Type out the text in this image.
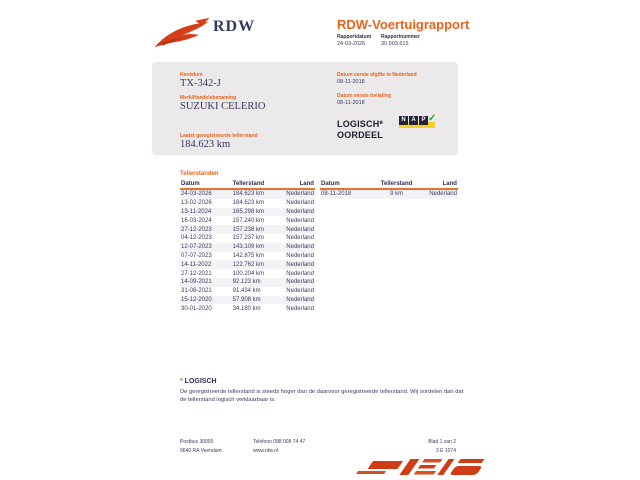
RDW	RDW-Voertuigrapport
Rapportdatum Rapportnummer
24-03-2026	30.903.615
Kenteken
TX-342-J
Merk/Handelsbenaming
SUZUKI CELERIO
Laatst geregistreerde tellerstand
184.623 km
Datum eerste afgifte in Nederland
08-11-2018
Datum eerste toelating
08-11-2018
LOGISCH*
OORDEEL
N A P ✓
Tellerstanden
Datum	Tellerstand	Land
24-03-2026	184.623 km	Nederland
13-02-2026	184.623 km	Nederland
13-11-2024	165.298 km	Nederland
16-03-2024	157.240 km	Nederland
27-12-2023	157.238 km	Nederland
04-12-2023	157.237 km	Nederland
12-07-2023	143.109 km	Nederland
07-07-2023	142.875 km	Nederland
14-11-2022	122.762 km	Nederland
27-12-2021	100.204 km	Nederland
14-09-2021	92.123 km	Nederland
31-08-2021	91.434 km	Nederland
15-12-2020	57.908 km	Nederland
30-01-2020	34.180 km	Nederland
Datum	Tellerstand	Land
08-11-2018	9 km	Nederland
* LOGISCH
De geregistreerde tellerstand is steeds hoger dan de daarvoor geregistreerde tellerstand. Wij oordelen dan dat de tellerstand logisch verklaarbaar is.
Postbus 30000
9640 RA Veendam
Telefoon 088 008 74 47
www.rdw.nl
Blad 1 van 2
3 E 1074
